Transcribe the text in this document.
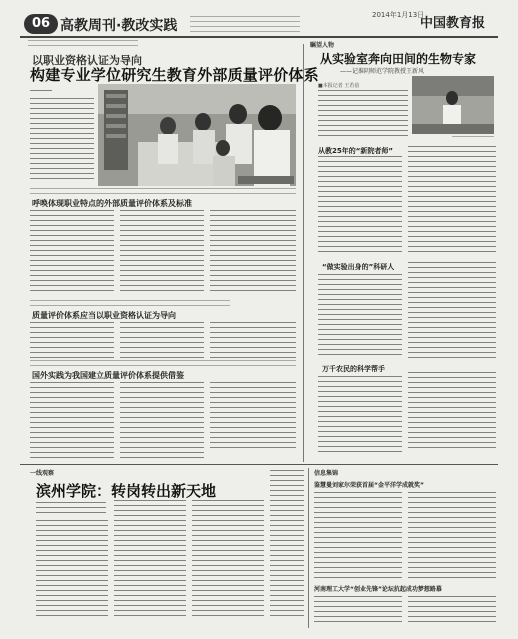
06 高教周刊·教改实践
2014年1月13日
中国教育报
以职业资格认证为导向
构建专业学位研究生教育外部质量评价体系
呼唤体现职业特点的外部质量评价体系及标准
质量评价体系应当以职业资格认证为导向
国外实践为我国建立质量评价体系提供借鉴
瞩望人物
从实验室奔向田间的生物专家
——记淮阴师范学院教授王新风
■本报记者 王若蓓
从教25年的“新院者师”
“做实验出身的”科研人
万千农民的科学帮手
一线观察
滨州学院：转岗转出新天地
信息集锦
鉴慧曼刘家尔荣获首届“金平洋学成就奖”
河南理工大学“创业先锋”论坛抗起成功梦想路慕
